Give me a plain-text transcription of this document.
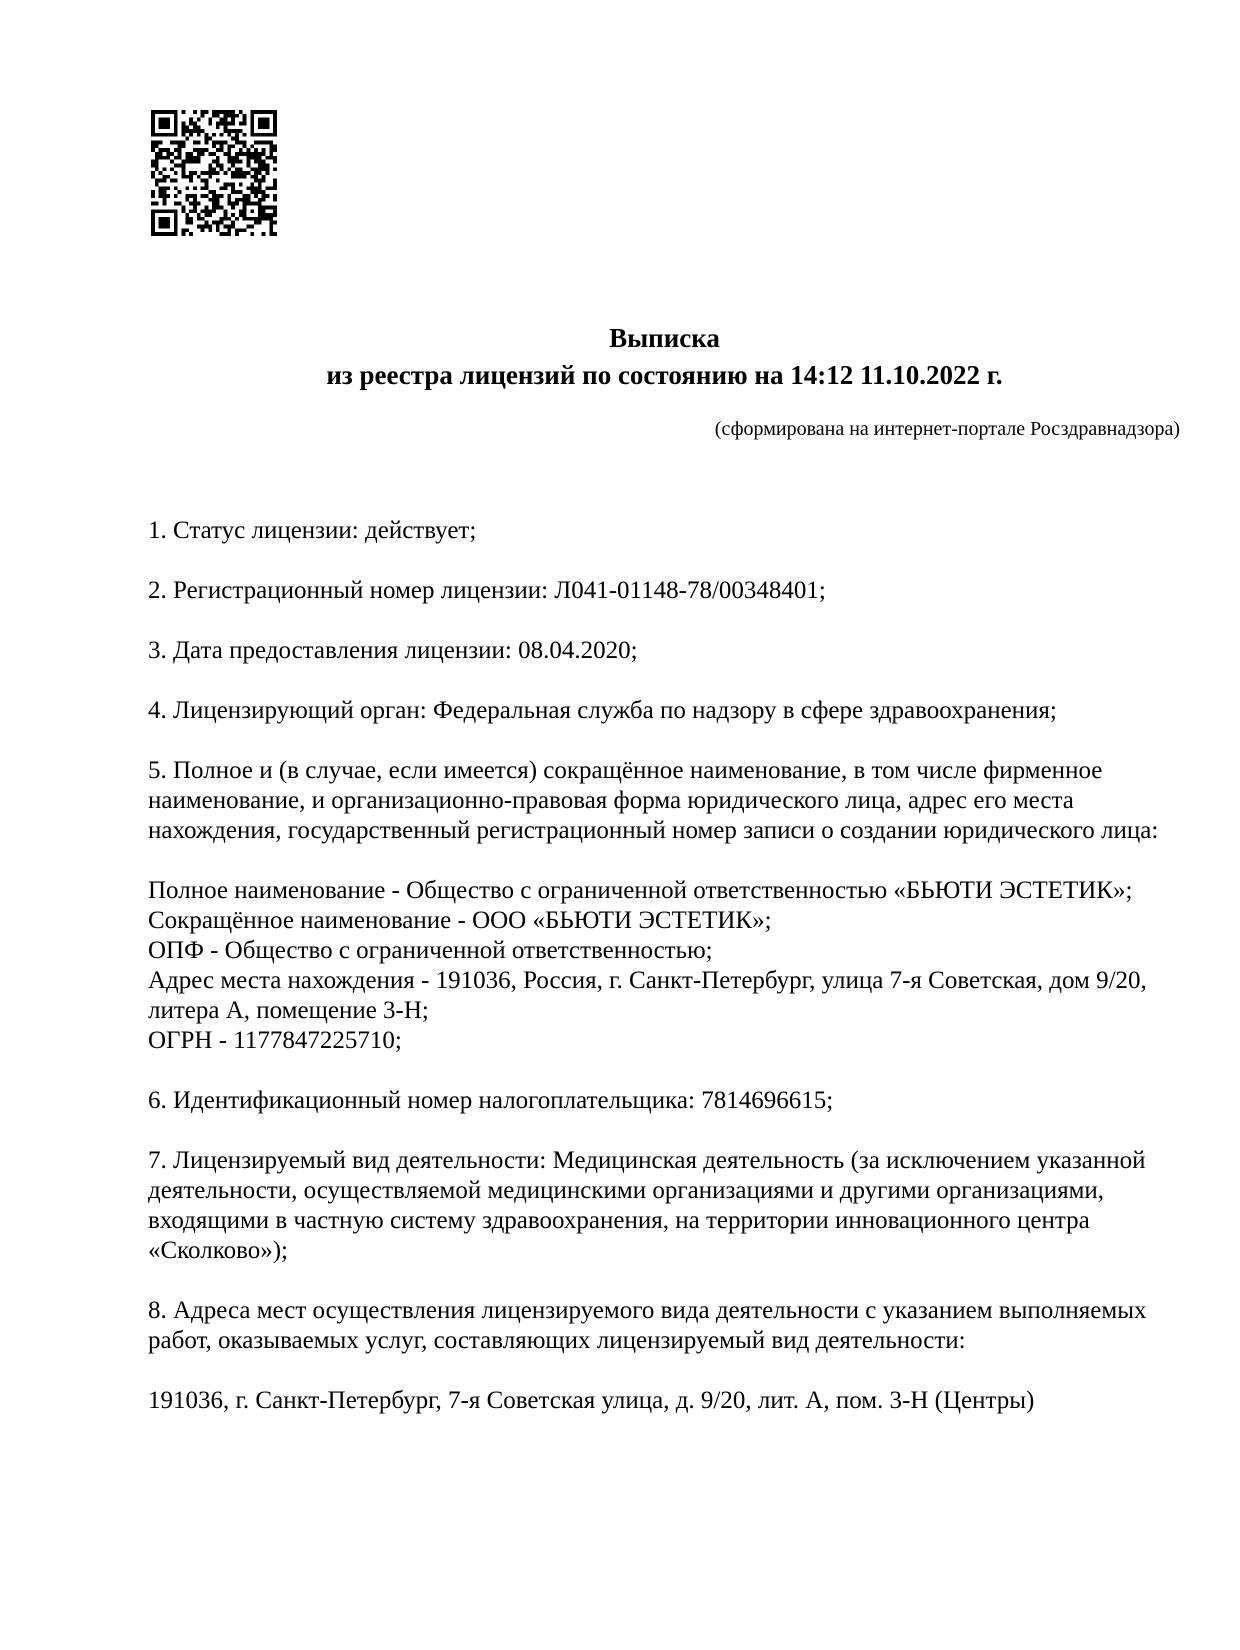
Выписка
из реестра лицензий по состоянию на 14:12 11.10.2022 г.
(сформирована на интернет-портале Росздравнадзора)
1. Статус лицензии: действует;
2. Регистрационный номер лицензии: Л041-01148-78/00348401;
3. Дата предоставления лицензии: 08.04.2020;
4. Лицензирующий орган: Федеральная служба по надзору в сфере здравоохранения;
5. Полное и (в случае, если имеется) сокращённое наименование, в том числе фирменное
наименование, и организационно-правовая форма юридического лица, адрес его места
нахождения, государственный регистрационный номер записи о создании юридического лица:
Полное наименование - Общество с ограниченной ответственностью «БЬЮТИ ЭСТЕТИК»;
Сокращённое наименование - ООО «БЬЮТИ ЭСТЕТИК»;
ОПФ - Общество с ограниченной ответственностью;
Адрес места нахождения - 191036, Россия, г. Санкт-Петербург, улица 7-я Советская, дом 9/20,
литера А, помещение 3-Н;
ОГРН - 1177847225710;
6. Идентификационный номер налогоплательщика: 7814696615;
7. Лицензируемый вид деятельности: Медицинская деятельность (за исключением указанной
деятельности, осуществляемой медицинскими организациями и другими организациями,
входящими в частную систему здравоохранения, на территории инновационного центра
«Сколково»);
8. Адреса мест осуществления лицензируемого вида деятельности с указанием выполняемых
работ, оказываемых услуг, составляющих лицензируемый вид деятельности:
191036, г. Санкт-Петербург, 7-я Советская улица, д. 9/20, лит. А, пом. 3-Н (Центры)
